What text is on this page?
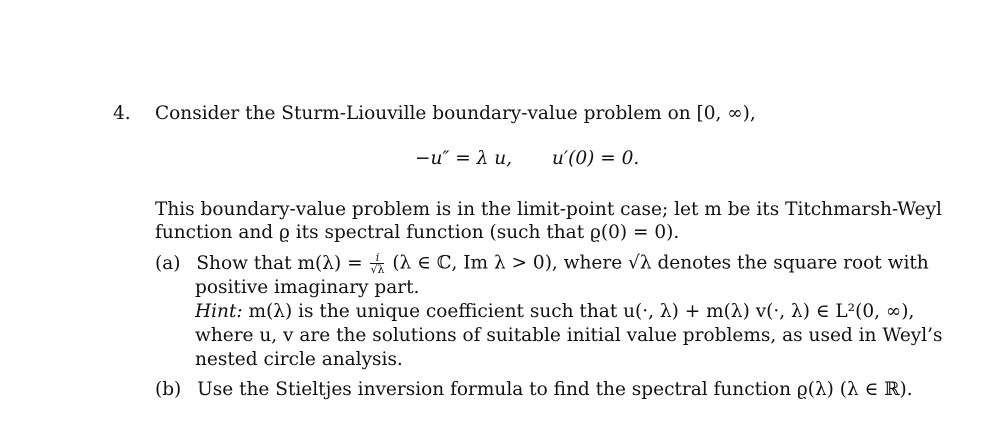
4. Consider the Sturm-Liouville boundary-value problem on [0, ∞),
−u″ = λ u, u′(0) = 0.
This boundary-value problem is in the limit-point case; let m be its Titchmarsh-Weyl
function and ϱ its spectral function (such that ϱ(0) = 0).
(a) Show that $m(\lambda) = \frac{i}{√\lambda} (\lambda$ ∈ ℂ, Im λ > 0), where √λ denotes the square root with
positive imaginary part.
Hint: m(λ) is the unique coefficient such that u(·, λ) + m(λ) v(·, λ) ∈ L²(0, ∞),
where u, v are the solutions of suitable initial value problems, as used in Weyl’s
nested circle analysis.
(b) Use the Stieltjes inversion formula to find the spectral function ϱ(λ) (λ ∈ ℝ).
